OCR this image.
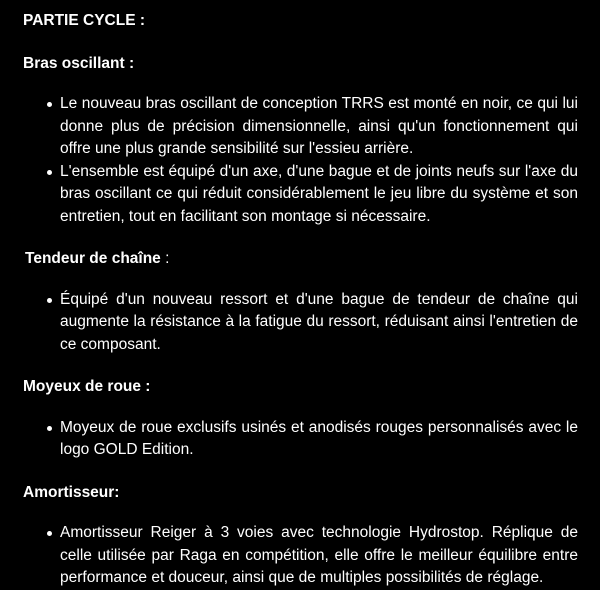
PARTIE CYCLE :

Bras oscillant :

Le nouveau bras oscillant de conception TRRS est monté en noir, ce qui lui donne plus de précision dimensionnelle, ainsi qu'un fonctionnement qui offre une plus grande sensibilité sur l'essieu arrière.
L'ensemble est équipé d'un axe, d'une bague et de joints neufs sur l'axe du bras oscillant ce qui réduit considérablement le jeu libre du système et son entretien, tout en facilitant son montage si nécessaire.

Tendeur de chaîne :

Équipé d'un nouveau ressort et d'une bague de tendeur de chaîne qui augmente la résistance à la fatigue du ressort, réduisant ainsi l'entretien de ce composant.

Moyeux de roue :

Moyeux de roue exclusifs usinés et anodisés rouges personnalisés avec le logo GOLD Edition.

Amortisseur:

Amortisseur Reiger à 3 voies avec technologie Hydrostop. Réplique de celle utilisée par Raga en compétition, elle offre le meilleur équilibre entre performance et douceur, ainsi que de multiples possibilités de réglage.
